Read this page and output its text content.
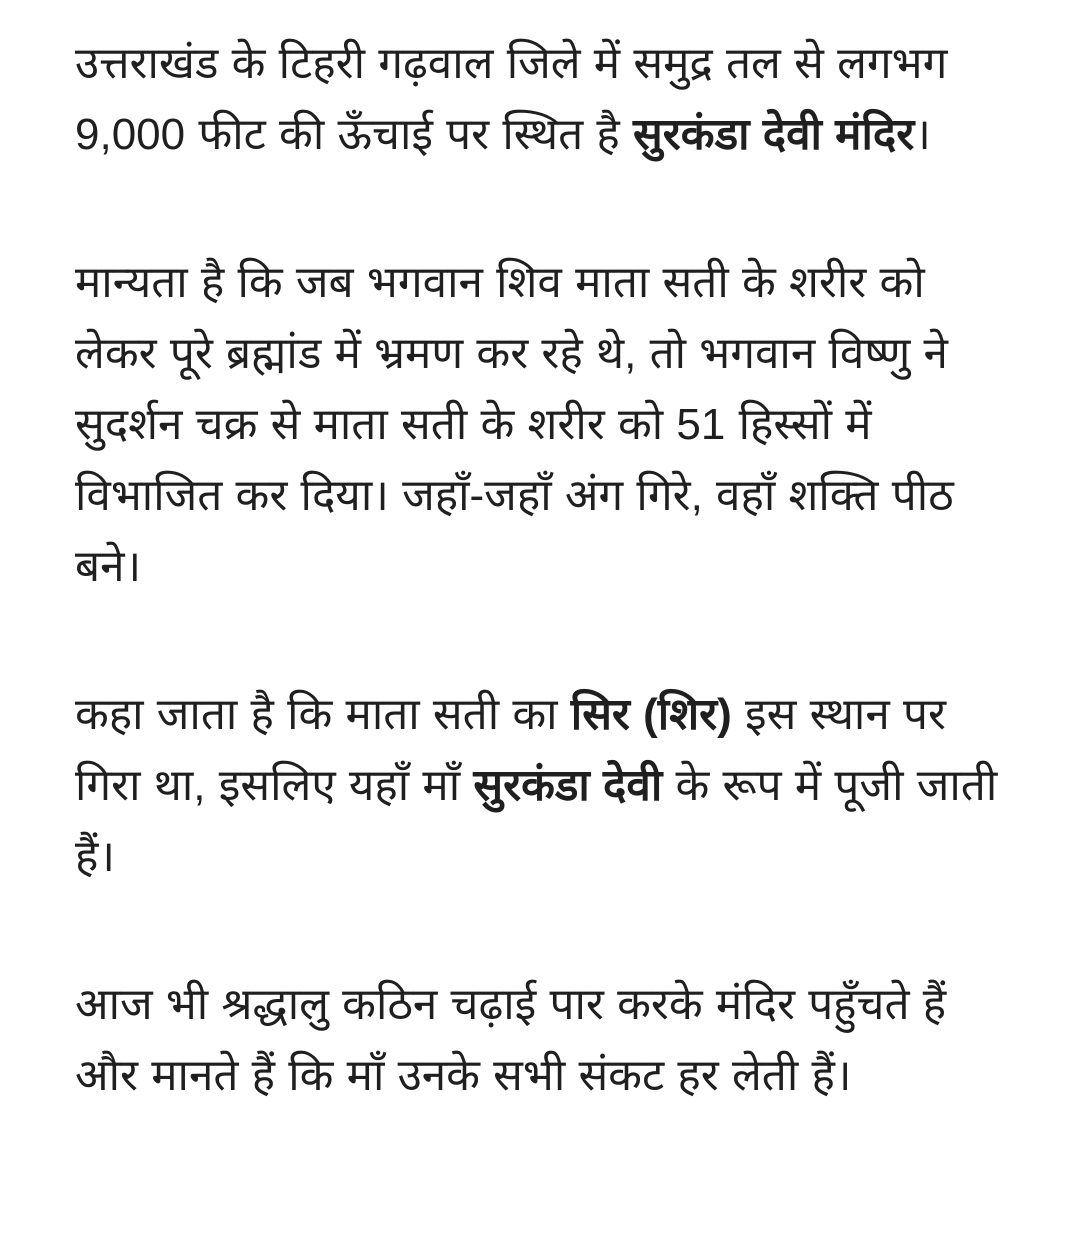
उत्तराखंड के टिहरी गढ़वाल जिले में समुद्र तल से लगभग 9,000 फीट की ऊँचाई पर स्थित है सुरकंडा देवी मंदिर।

मान्यता है कि जब भगवान शिव माता सती के शरीर को लेकर पूरे ब्रह्मांड में भ्रमण कर रहे थे, तो भगवान विष्णु ने सुदर्शन चक्र से माता सती के शरीर को 51 हिस्सों में विभाजित कर दिया। जहाँ-जहाँ अंग गिरे, वहाँ शक्ति पीठ बने।

कहा जाता है कि माता सती का सिर (शिर) इस स्थान पर गिरा था, इसलिए यहाँ माँ सुरकंडा देवी के रूप में पूजी जाती हैं।

आज भी श्रद्धालु कठिन चढ़ाई पार करके मंदिर पहुँचते हैं और मानते हैं कि माँ उनके सभी संकट हर लेती हैं।
